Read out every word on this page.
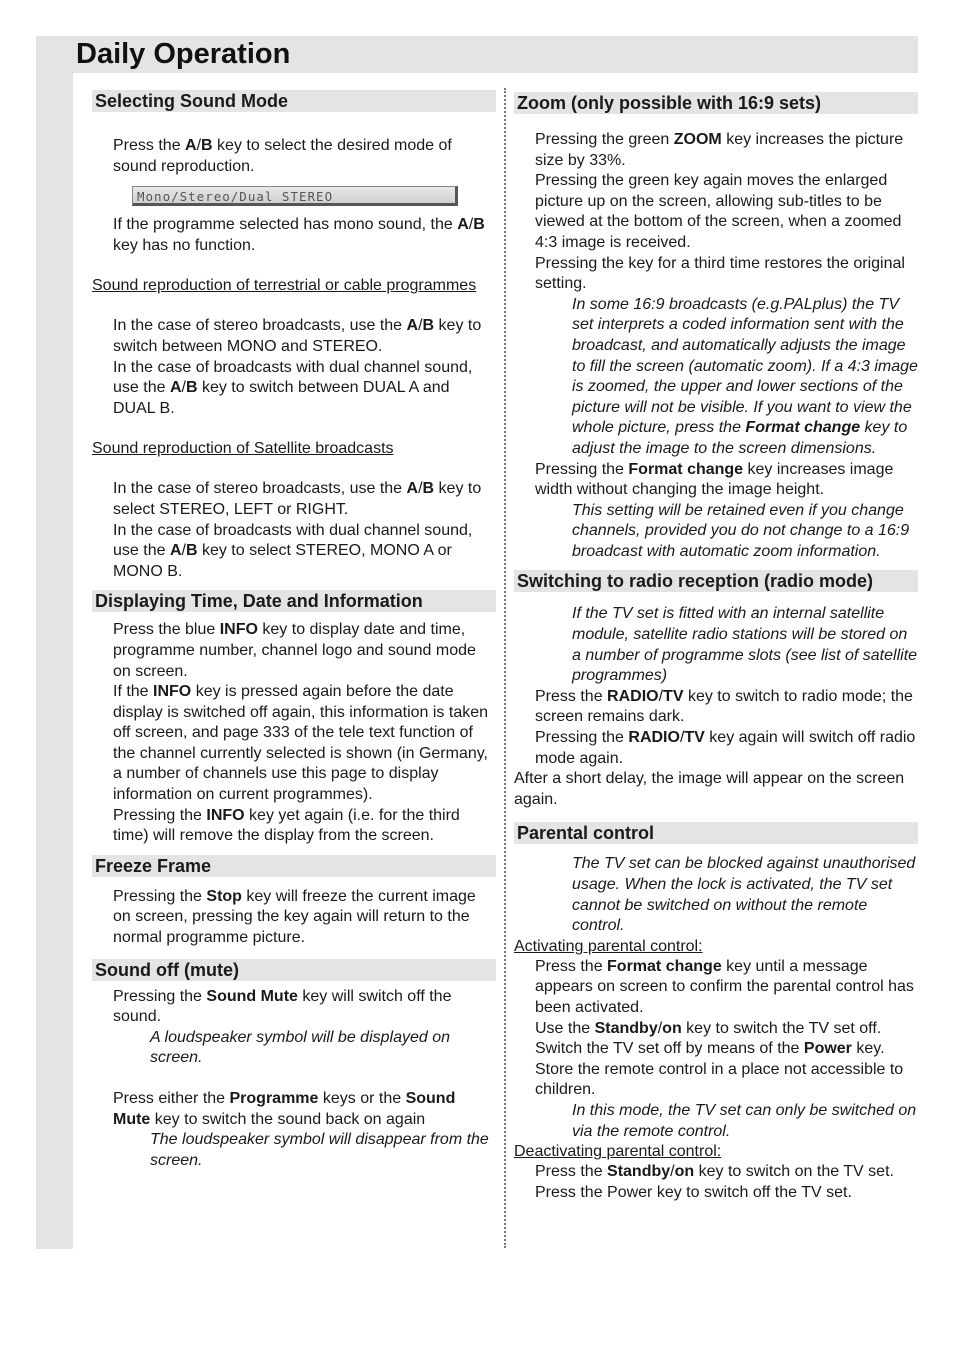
Daily Operation
Selecting Sound Mode

Press the A/B key to select the desired mode of sound reproduction.

Mono/Stereo/Dual STEREO

If the programme selected has mono sound, the A/B key has no function.

Sound reproduction of terrestrial or cable programmes

In the case of stereo broadcasts, use the A/B key to switch between MONO and STEREO.

In the case of broadcasts with dual channel sound, use the A/B key to switch between DUAL A and DUAL B.

Sound reproduction of Satellite broadcasts

In the case of stereo broadcasts, use the A/B key to select STEREO, LEFT or RIGHT.

In the case of broadcasts with dual channel sound, use the A/B key to select STEREO, MONO A or MONO B.

Displaying Time, Date and Information

Press the blue INFO key to display date and time, programme number, channel logo and sound mode on screen.

If the INFO key is pressed again before the date display is switched off again, this information is taken off screen, and page 333 of the tele text function of the channel currently selected is shown (in Germany, a number of channels use this page to display information on current programmes).

Pressing the INFO key yet again (i.e. for the third time) will remove the display from the screen.

Freeze Frame

Pressing the Stop key will freeze the current image on screen, pressing the key again will return to the normal programme picture.

Sound off (mute)

Pressing the Sound Mute key will switch off the sound.

A loudspeaker symbol will be displayed on screen.

Press either the Programme keys or the Sound Mute key to switch the sound back on again

The loudspeaker symbol will disappear from the screen.

Zoom (only possible with 16:9 sets)

Pressing the green ZOOM key increases the picture size by 33%.

Pressing the green key again moves the enlarged picture up on the screen, allowing sub-titles to be viewed at the bottom of the screen, when a zoomed 4:3 image is received.

Pressing the key for a third time restores the original setting.

In some 16:9 broadcasts (e.g.PALplus) the TV set interprets a coded information sent with the broadcast, and automatically adjusts the image to fill the screen (automatic zoom). If a 4:3 image is zoomed, the upper and lower sections of the picture will not be visible. If you want to view the whole picture, press the Format change key to adjust the image to the screen dimensions.

Pressing the Format change key increases image width without changing the image height.

This setting will be retained even if you change channels, provided you do not change to a 16:9 broadcast with automatic zoom information.

Switching to radio reception (radio mode)

If the TV set is fitted with an internal satellite module, satellite radio stations will be stored on a number of programme slots (see list of satellite programmes)

Press the RADIO/TV key to switch to radio mode; the screen remains dark.

Pressing the RADIO/TV key again will switch off radio mode again.

After a short delay, the image will appear on the screen again.

Parental control

The TV set can be blocked against unauthorised usage. When the lock is activated, the TV set cannot be switched on without the remote control.

Activating parental control:

Press the Format change key until a message appears on screen to confirm the parental control has been activated.

Use the Standby/on key to switch the TV set off.

Switch the TV set off by means of the Power key.

Store the remote control in a place not accessible to children.

In this mode, the TV set can only be switched on via the remote control.

Deactivating parental control:

Press the Standby/on key to switch on the TV set.

Press the Power key to switch off the TV set.
